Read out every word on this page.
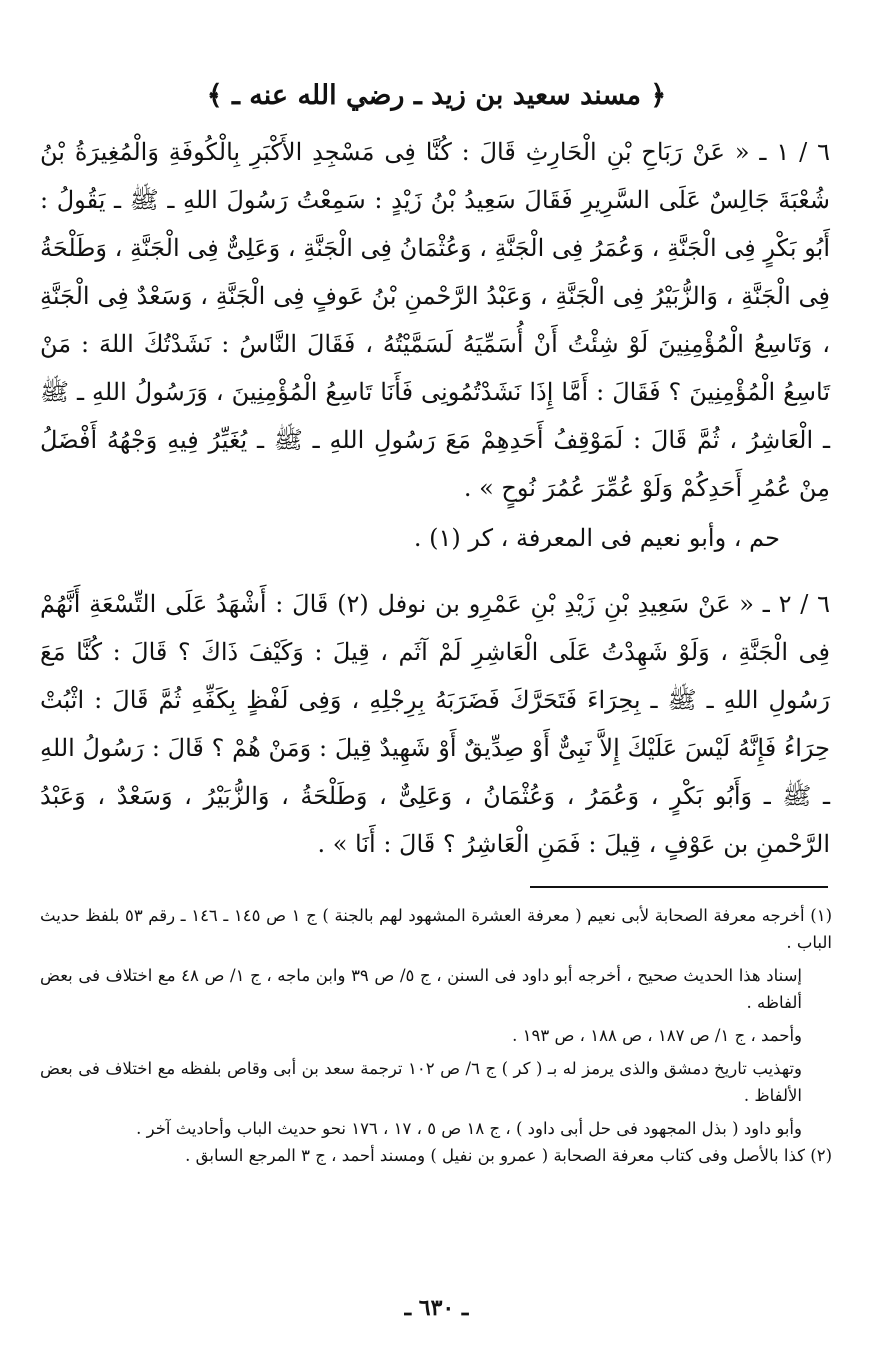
﴿ مسند سعيد بن زيد ـ رضي الله عنه ـ ﴾

٦ / ١ ـ « عَنْ رَبَاحِ بْنِ الْحَارِثِ قَالَ : كُنَّا فِى مَسْجِدِ الأَكْبَرِ بِالْكُوفَةِ وَالْمُغِيرَةُ بْنُ شُعْبَةَ جَالِسٌ عَلَى السَّرِيرِ فَقَالَ سَعِيدُ بْنُ زَيْدٍ : سَمِعْتُ رَسُولَ اللهِ ـ ﷺ ـ يَقُولُ : أَبُو بَكْرٍ فِى الْجَنَّةِ ، وَعُمَرُ فِى الْجَنَّةِ ، وَعُثْمَانُ فِى الْجَنَّةِ ، وَعَلِىٌّ فِى الْجَنَّةِ ، وَطَلْحَةُ فِى الْجَنَّةِ ، وَالزُّبَيْرُ فِى الْجَنَّةِ ، وَعَبْدُ الرَّحْمنِ بْنُ عَوفٍ فِى الْجَنَّةِ ، وَسَعْدٌ فِى الْجَنَّةِ ، وَتَاسِعُ الْمُؤْمِنِينَ لَوْ شِئْتُ أَنْ أُسَمِّيَهُ لَسَمَّيْتُهُ ، فَقَالَ النَّاسُ : نَشَدْتُكَ اللهَ : مَنْ تَاسِعُ الْمُؤْمِنِينَ ؟ فَقَالَ : أَمَّا إِذَا نَشَدْتُمُونِى فَأَنَا تَاسِعُ الْمُؤْمِنِينَ ، وَرَسُولُ اللهِ ـ ﷺ ـ الْعَاشِرُ ، ثُمَّ قَالَ : لَمَوْقِفُ أَحَدِهِمْ مَعَ رَسُولِ اللهِ ـ ﷺ ـ يُغَيِّرُ فِيهِ وَجْهُهُ أَفْضَلُ مِنْ عُمُرِ أَحَدِكُمْ وَلَوْ عُمِّرَ عُمُرَ نُوحٍ » .

حم ، وأبو نعيم فى المعرفة ، كر (١) .

٦ / ٢ ـ « عَنْ سَعِيدِ بْنِ زَيْدِ بْنِ عَمْرِو بن نوفل (٢) قَالَ : أَشْهَدُ عَلَى التِّسْعَةِ أَنَّهُمْ فِى الْجَنَّةِ ، وَلَوْ شَهِدْتُ عَلَى الْعَاشِرِ لَمْ آثَم ، قِيلَ : وَكَيْفَ ذَاكَ ؟ قَالَ : كُنَّا مَعَ رَسُولِ اللهِ ـ ﷺ ـ بِحِرَاءَ فَتَحَرَّكَ فَضَرَبَهُ بِرِجْلِهِ ، وَفِى لَفْظٍ بِكَفِّهِ ثُمَّ قَالَ : اثْبُتْ حِرَاءُ فَإِنَّهُ لَيْسَ عَلَيْكَ إِلاَّ نَبِىٌّ أَوْ صِدِّيقٌ أَوْ شَهِيدٌ قِيلَ : وَمَنْ هُمْ ؟ قَالَ : رَسُولُ اللهِ ـ ﷺ ـ وَأَبُو بَكْرٍ ، وَعُمَرُ ، وَعُثْمَانُ ، وَعَلِىٌّ ، وَطَلْحَةُ ، وَالزُّبَيْرُ ، وَسَعْدٌ ، وَعَبْدُ الرَّحْمنِ بن عَوْفٍ ، قِيلَ : فَمَنِ الْعَاشِرُ ؟ قَالَ : أَنَا » .

(١) أخرجه معرفة الصحابة لأبى نعيم ( معرفة العشرة المشهود لهم بالجنة ) ج ١ ص ١٤٥ ـ ١٤٦ ـ رقم ٥٣ بلفظ حديث الباب .

إسناد هذا الحديث صحيح ، أخرجه أبو داود فى السنن ، ج ٥/ ص ٣٩ وابن ماجه ، ج ١/ ص ٤٨ مع اختلاف فى بعض ألفاظه .

وأحمد ، ج ١/ ص ١٨٧ ، ص ١٨٨ ، ص ١٩٣ .

وتهذيب تاريخ دمشق والذى يرمز له بـ ( كر ) ج ٦/ ص ١٠٢ ترجمة سعد بن أبى وقاص بلفظه مع اختلاف فى بعض الألفاظ .

وأبو داود ( بذل المجهود فى حل أبى داود ) ، ج ١٨ ص ٥ ، ١٧ ، ١٧٦ نحو حديث الباب وأحاديث آخر .

(٢) كذا بالأصل وفى كتاب معرفة الصحابة ( عمرو بن نفيل ) ومسند أحمد ، ج ٣ المرجع السابق .

ـ ٦٣٠ ـ
